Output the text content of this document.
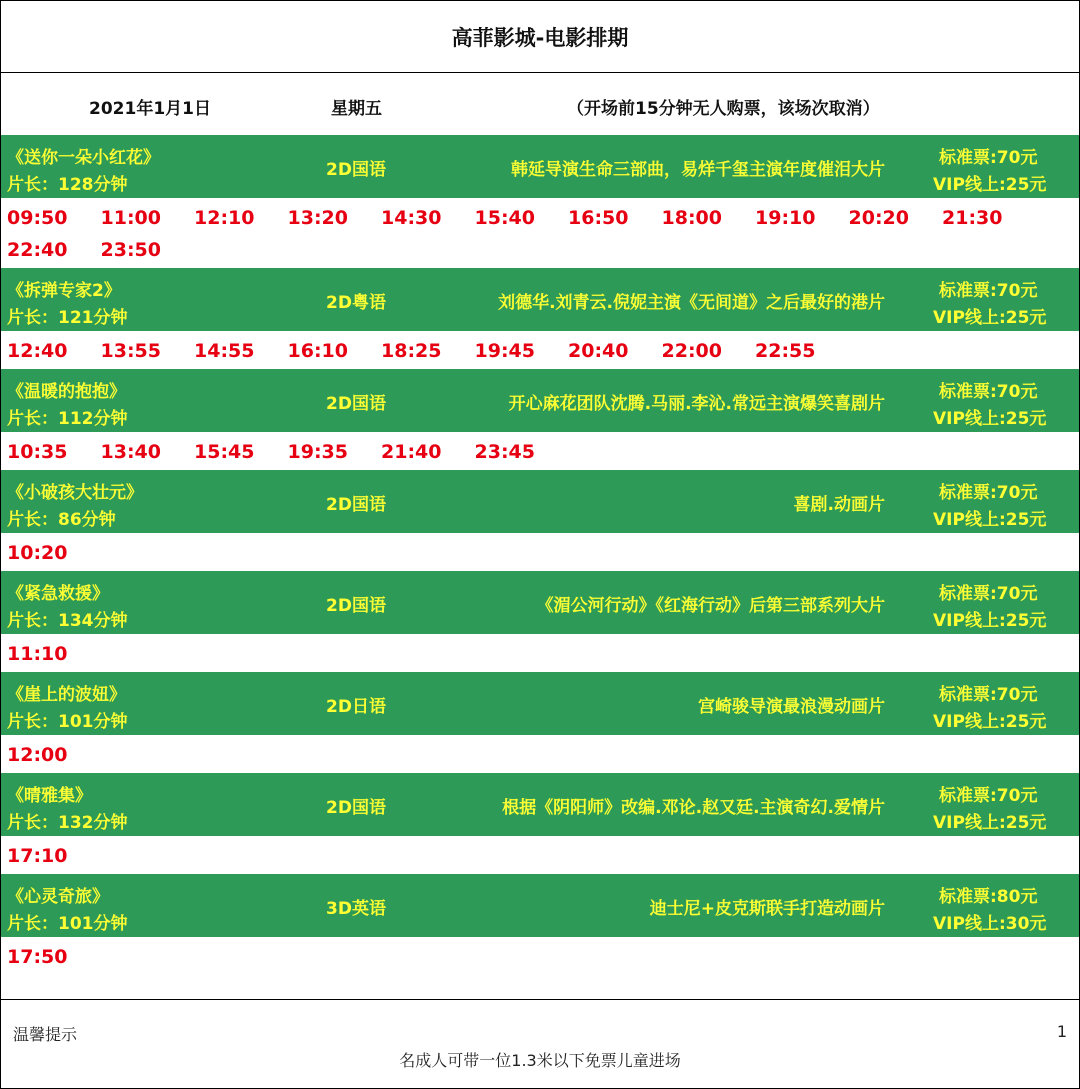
高菲影城-电影排期
2021年1月1日	星期五	（开场前15分钟无人购票，该场次取消）
《送你一朵小红花》
片长：128分钟
2D国语	韩延导演生命三部曲，易烊千玺主演年度催泪大片
标准票:70元
VIP线上:25元
09:50	11:00	12:10	13:20	14:30	15:40	16:50	18:00	19:10	20:20	21:30
22:40	23:50
《拆弹专家2》
片长：121分钟
2D粤语	刘德华.刘青云.倪妮主演《无间道》之后最好的港片
标准票:70元
VIP线上:25元
12:40	13:55	14:55	16:10	18:25	19:45	20:40	22:00	22:55
《温暖的抱抱》
片长：112分钟
2D国语	开心麻花团队沈腾.马丽.李沁.常远主演爆笑喜剧片
标准票:70元
VIP线上:25元
10:35	13:40	15:45	19:35	21:40	23:45
《小破孩大壮元》
片长：86分钟
2D国语	喜剧.动画片
标准票:70元
VIP线上:25元
10:20
《紧急救援》
片长：134分钟
2D国语	《湄公河行动》《红海行动》后第三部系列大片
标准票:70元
VIP线上:25元
11:10
《崖上的波妞》
片长：101分钟
2D日语	宫崎骏导演最浪漫动画片
标准票:70元
VIP线上:25元
12:00
《晴雅集》
片长：132分钟
2D国语	根据《阴阳师》改编.邓论.赵又廷.主演奇幻.爱情片
标准票:70元
VIP线上:25元
17:10
《心灵奇旅》
片长：101分钟
3D英语	迪士尼+皮克斯联手打造动画片
标准票:80元
VIP线上:30元
17:50
温馨提示	1
名成人可带一位1.3米以下免票儿童进场
